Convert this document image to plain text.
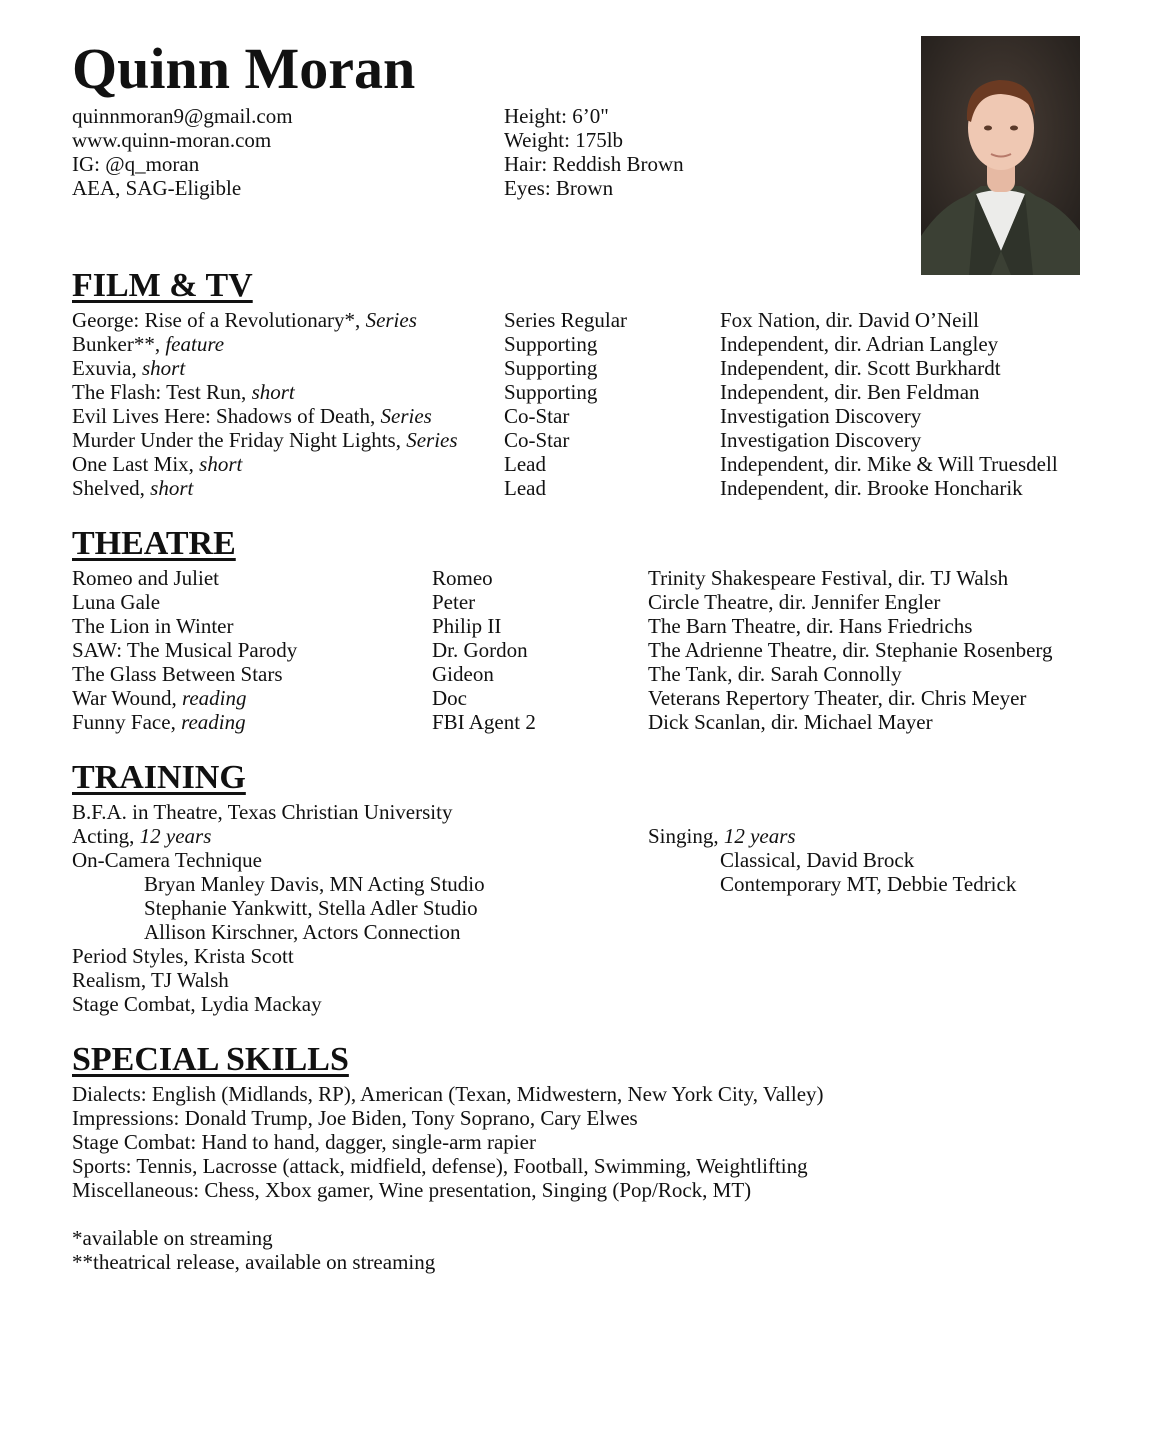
Quinn Moran
quinnmoran9@gmail.com
www.quinn-moran.com
IG: @q_moran
AEA, SAG-Eligible
Height: 6’0"
Weight: 175lb
Hair: Reddish Brown
Eyes: Brown
FILM & TV
George: Rise of a Revolutionary*, Series	Series Regular	Fox Nation, dir. David O’Neill
Bunker**, feature	Supporting	Independent, dir. Adrian Langley
Exuvia, short	Supporting	Independent, dir. Scott Burkhardt
The Flash: Test Run, short	Supporting	Independent, dir. Ben Feldman
Evil Lives Here: Shadows of Death, Series	Co-Star	Investigation Discovery
Murder Under the Friday Night Lights, Series Co-Star	Investigation Discovery
One Last Mix, short	Lead	Independent, dir. Mike & Will Truesdell
Shelved, short	Lead	Independent, dir. Brooke Honcharik
THEATRE
Romeo and Juliet	Romeo	Trinity Shakespeare Festival, dir. TJ Walsh
Luna Gale	Peter	Circle Theatre, dir. Jennifer Engler
The Lion in Winter	Philip II	The Barn Theatre, dir. Hans Friedrichs
SAW: The Musical Parody	Dr. Gordon	The Adrienne Theatre, dir. Stephanie Rosenberg
The Glass Between Stars	Gideon	The Tank, dir. Sarah Connolly
War Wound, reading	Doc	Veterans Repertory Theater, dir. Chris Meyer
Funny Face, reading	FBI Agent 2	Dick Scanlan, dir. Michael Mayer
TRAINING
B.F.A. in Theatre, Texas Christian University
Acting, 12 years
On-Camera Technique
Bryan Manley Davis, MN Acting Studio
Stephanie Yankwitt, Stella Adler Studio
Allison Kirschner, Actors Connection
Period Styles, Krista Scott
Realism, TJ Walsh
Stage Combat, Lydia Mackay
Singing, 12 years
Classical, David Brock
Contemporary MT, Debbie Tedrick
SPECIAL SKILLS
Dialects: English (Midlands, RP), American (Texan, Midwestern, New York City, Valley)
Impressions: Donald Trump, Joe Biden, Tony Soprano, Cary Elwes
Stage Combat: Hand to hand, dagger, single-arm rapier
Sports: Tennis, Lacrosse (attack, midfield, defense), Football, Swimming, Weightlifting
Miscellaneous: Chess, Xbox gamer, Wine presentation, Singing (Pop/Rock, MT)
*available on streaming
**theatrical release, available on streaming
